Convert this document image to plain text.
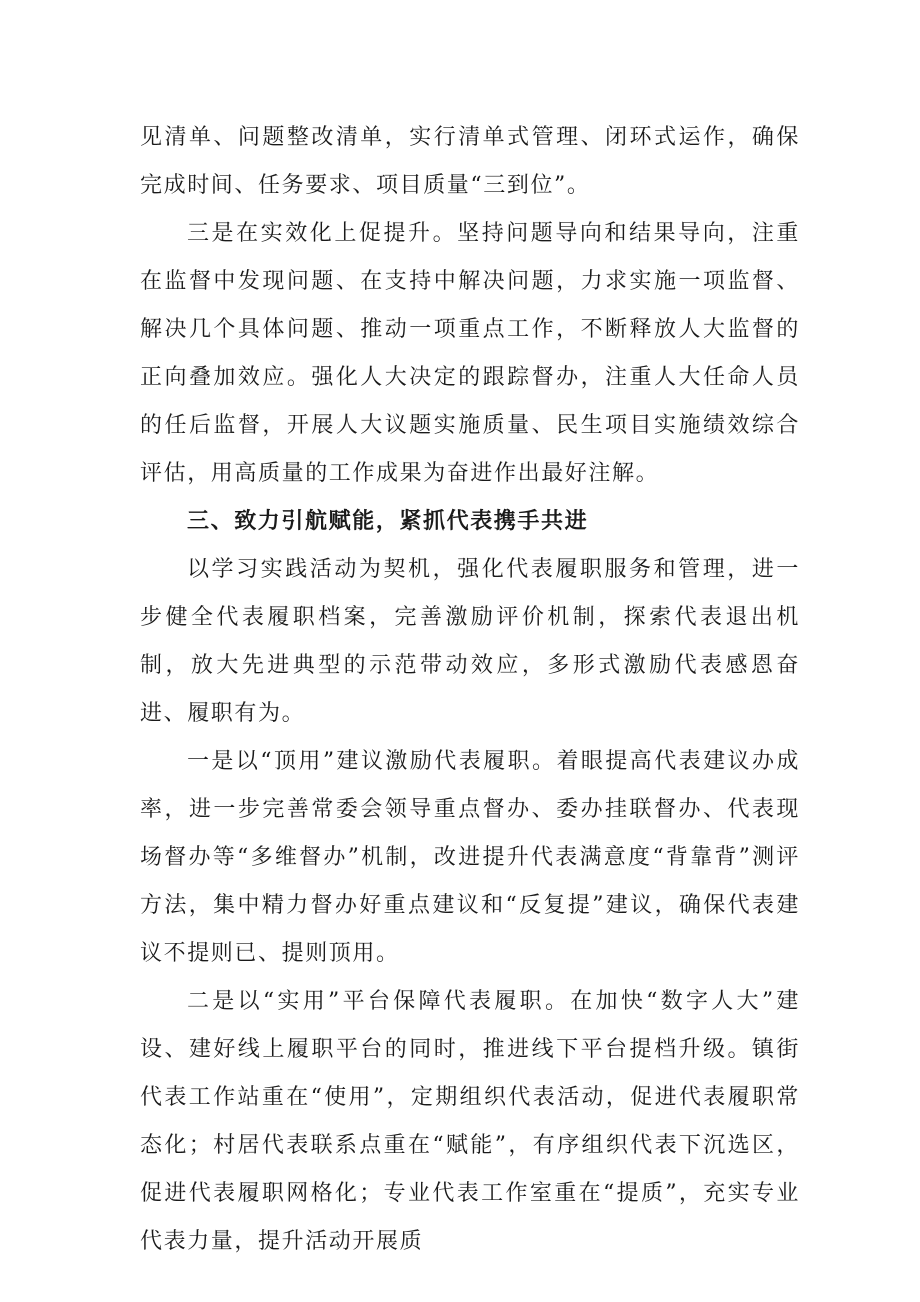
见清单、问题整改清单，实行清单式管理、闭环式运作，确保完成时间、任务要求、项目质量“三到位”。

三是在实效化上促提升。坚持问题导向和结果导向，注重在监督中发现问题、在支持中解决问题，力求实施一项监督、解决几个具体问题、推动一项重点工作，不断释放人大监督的正向叠加效应。强化人大决定的跟踪督办，注重人大任命人员的任后监督，开展人大议题实施质量、民生项目实施绩效综合评估，用高质量的工作成果为奋进作出最好注解。

三、致力引航赋能，紧抓代表携手共进

以学习实践活动为契机，强化代表履职服务和管理，进一步健全代表履职档案，完善激励评价机制，探索代表退出机制，放大先进典型的示范带动效应，多形式激励代表感恩奋进、履职有为。

一是以“顶用”建议激励代表履职。着眼提高代表建议办成率，进一步完善常委会领导重点督办、委办挂联督办、代表现场督办等“多维督办”机制，改进提升代表满意度“背靠背”测评方法，集中精力督办好重点建议和“反复提”建议，确保代表建议不提则已、提则顶用。

二是以“实用”平台保障代表履职。在加快“数字人大”建设、建好线上履职平台的同时，推进线下平台提档升级。镇街代表工作站重在“使用”，定期组织代表活动，促进代表履职常态化；村居代表联系点重在“赋能”，有序组织代表下沉选区，促进代表履职网格化；专业代表工作室重在“提质”，充实专业代表力量，提升活动开展质
